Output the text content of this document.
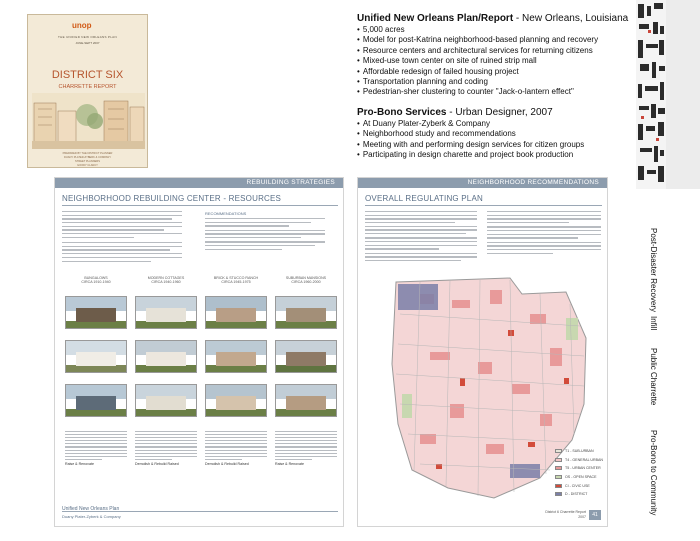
unop
THE UNIFIED NEW ORLEANS PLAN
JUNE-SEPT 2007
DISTRICT SIX
CHARRETTE REPORT
PREPARED BY THE DISTRICT PLANNER
DUANY PLATER-ZYBERK & COMPANY
STREET PLANNERS
GOODY CLANCY
Unified New Orleans Plan/Report - New Orleans, Louisiana
• 5,000 acres
• Model for post-Katrina neighborhood-based planning and recovery
• Resource centers and architectural services for returning citizens
• Mixed-use town center on site of ruined strip mall
• Affordable redesign of failed housing project
• Transportation planning and coding
• Pedestrian-sher clustering to counter "Jack-o-lantern effect"
Pro-Bono Services - Urban Designer, 2007
• At Duany Plater-Zyberk & Company
• Neighborhood study and recommendations
• Meeting with and performing design services for citizen groups
• Participating in design charette and project book production
Post-Disaster Recovery
Infill
Public Charrette
Pro-Bono to Community
REBUILDING STRATEGIES
NEIGHBORHOOD REBUILDING CENTER - RESOURCES
RECOMMENDATIONS
BUNGALOWS
CIRCA 1910-1940
MODERN COTTAGES
CIRCA 1940-1960
BRICK & STUCCO RANCH
CIRCA 1945-1975
SUBURBAN MANSIONS
CIRCA 1960-2000
Raise & Renovate	Demolish & Rebuild Raised	Demolish & Rebuild Raised	Raise & Renovate
Unified New Orleans Plan
Duany Plater-Zyberk & Company
NEIGHBORHOOD RECOMMENDATIONS
OVERALL REGULATING PLAN
T1 - SUB-URBAN
T4 - GENERAL URBAN
T5 - URBAN CENTER
OS - OPEN SPACE
CI - CIVIC USE
D - DISTRICT
District 6 Charrette Report
2007	41
